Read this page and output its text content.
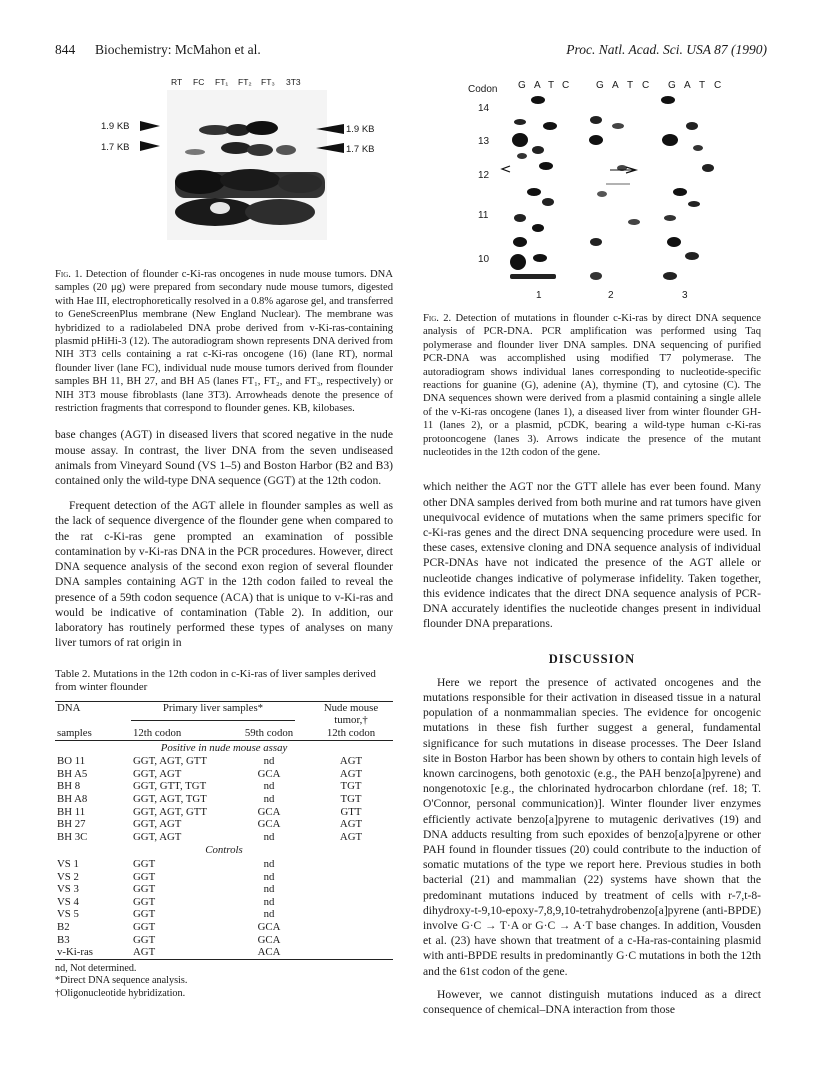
844 Biochemistry: McMahon et al.	Proc. Natl. Acad. Sci. USA 87 (1990)
RT FC FT₁ FT₂ FT₃ 3T3
1.9 KB
1.7 KB
1.9 KB
1.7 KB

Fig. 1. Detection of flounder c-Ki-ras oncogenes in nude mouse tumors. DNA samples (20 μg) were prepared from secondary nude mouse tumors, digested with Hae III, electrophoretically resolved in a 0.8% agarose gel, and transferred to GeneScreenPlus membrane (New England Nuclear). The membrane was hybridized to a radiolabeled DNA probe derived from v-Ki-ras-containing plasmid pHiHi-3 (12). The autoradiogram shown represents DNA derived from NIH 3T3 cells containing a rat c-Ki-ras oncogene (16) (lane RT), normal flounder liver (lane FC), individual nude mouse tumors derived from flounder samples BH 11, BH 27, and BH A5 (lanes FT₁, FT₂, and FT₃, respectively) or NIH 3T3 mouse fibroblasts (lane 3T3). Arrowheads denote the presence of restriction fragments that correspond to flounder genes. KB, kilobases.

base changes (AGT) in diseased livers that scored negative in the nude mouse assay. In contrast, the liver DNA from the seven undiseased animals from Vineyard Sound (VS 1–5) and Boston Harbor (B2 and B3) contained only the wild-type DNA sequence (GGT) at the 12th codon.

Frequent detection of the AGT allele in flounder samples as well as the lack of sequence divergence of the flounder gene when compared to the rat c-Ki-ras gene prompted an examination of possible contamination by v-Ki-ras DNA in the PCR procedures. However, direct DNA sequence analysis of the second exon region of several flounder DNA samples containing AGT in the 12th codon failed to reveal the presence of a 59th codon sequence (ACA) that is unique to v-Ki-ras and would be indicative of contamination (Table 2). In addition, our laboratory has routinely performed these types of analyses on many liver tumors of rat origin in

Table 2. Mutations in the 12th codon in c-Ki-ras of liver samples derived from winter flounder

DNA	Primary liver samples*		Nude mouse

		tumor,†
samples	12th codon	59th codon	12th codon
Positive in nude mouse assay			
BO 11	GGT, AGT, GTT	nd	AGT
BH A5	GGT, AGT	GCA	AGT
BH 8	GGT, GTT, TGT	nd	TGT
BH A8	GGT, AGT, TGT	nd	TGT
BH 11	GGT, AGT, GTT	GCA	GTT
BH 27	GGT, AGT	GCA	AGT
BH 3C	GGT, AGT	nd	AGT
Controls			
VS 1	GGT	nd	
VS 2	GGT	nd	
VS 3	GGT	nd	
VS 4	GGT	nd	
VS 5	GGT	nd	
B2	GGT	GCA	
B3	GGT	GCA	
v-Ki-ras	AGT	ACA	
nd, Not determined.
*Direct DNA sequence analysis.
†Oligonucleotide hybridization.
Codon G A T C	G A T C G A T C
14
13
12
11
10
1	2	3

Fig. 2. Detection of mutations in flounder c-Ki-ras by direct DNA sequence analysis of PCR-DNA. PCR amplification was performed using Taq polymerase and flounder liver DNA samples. DNA sequencing of purified PCR-DNA was accomplished using modified T7 polymerase. The autoradiogram shows individual lanes corresponding to nucleotide-specific reactions for guanine (G), adenine (A), thymine (T), and cytosine (C). The DNA sequences shown were derived from a plasmid containing a single allele of the v-Ki-ras oncogene (lanes 1), a diseased liver from winter flounder GH-11 (lanes 2), or a plasmid, pCDK, bearing a wild-type human c-Ki-ras protooncogene (lanes 3). Arrows indicate the presence of the mutant nucleotides in the 12th codon of the gene.

which neither the AGT nor the GTT allele has ever been found. Many other DNA samples derived from both murine and rat tumors have given unequivocal evidence of mutations when the same primers specific for c-Ki-ras genes and the direct DNA sequencing procedure were used. In these cases, extensive cloning and DNA sequence analysis of individual PCR-DNAs have not indicated the presence of the AGT allele or nucleotide changes indicative of polymerase infidelity. Taken together, this evidence indicates that the direct DNA sequence analysis of PCR-DNA accurately identifies the nucleotide changes present in individual flounder DNA preparations.

DISCUSSION

Here we report the presence of activated oncogenes and the mutations responsible for their activation in diseased tissue in a natural population of a nonmammalian species. The evidence for oncogenic mutations in these fish further suggest a general, fundamental significance for such mutations in disease processes. The Deer Island site in Boston Harbor has been shown by others to contain high levels of known carcinogens, both genotoxic (e.g., the PAH benzo[a]pyrene) and nongenotoxic [e.g., the chlorinated hydrocarbon chlordane (ref. 18; T. O'Connor, personal communication)]. Winter flounder liver enzymes efficiently activate benzo[a]pyrene to mutagenic derivatives (19) and DNA adducts resulting from such epoxides of benzo[a]pyrene or other PAH found in flounder tissues (20) could contribute to the induction of somatic mutations of the type we report here. Previous studies in both bacterial (21) and mammalian (22) systems have shown that the predominant mutations induced by treatment of cells with r-7,t-8-dihydroxy-t-9,10-epoxy-7,8,9,10-tetrahydrobenzo[a]pyrene (anti-BPDE) involve G·C → T·A or G·C → A·T base changes. In addition, Vousden et al. (23) have shown that treatment of a c-Ha-ras-containing plasmid with anti-BPDE results in predominantly G·C mutations in both the 12th and the 61st codon of the gene.

However, we cannot distinguish mutations induced as a direct consequence of chemical–DNA interaction from those
